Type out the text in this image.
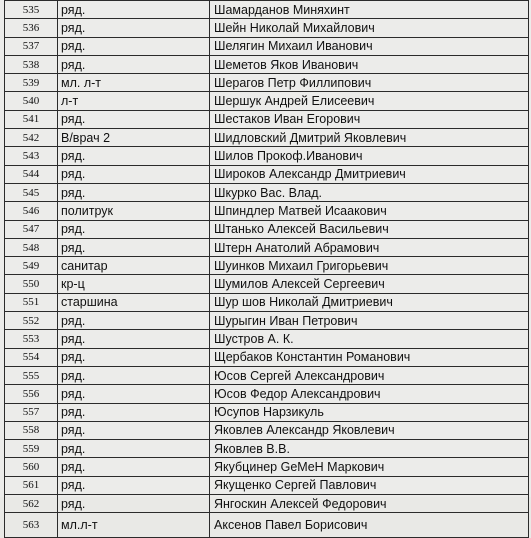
535	ряд.	Шамарданов Миняхинт
536	ряд.	Шейн Николай Михайлович
537	ряд.	Шелягин Михаил Иванович
538	ряд.	Шеметов Яков Иванович
539	мл. л-т	Шерагов Петр Филлипович
540	л-т	Шершук Андрей Елисеевич
541	ряд.	Шестаков Иван Егорович
542	В/врач 2	Шидловский Дмитрий Яковлевич
543	ряд.	Шилов Прокоф.Иванович
544	ряд.	Широков Александр Дмитриевич
545	ряд.	Шкурко Вас. Влад.
546	политрук	Шпиндлер Матвей Исаакович
547	ряд.	Штанько Алексей Васильевич
548	ряд.	Штерн Анатолий Абрамович
549	санитар	Шуинков Михаил Григорьевич
550	кр-ц	Шумилов Алексей Сергеевич
551	старшина	Шур шов Николай Дмитриевич
552	ряд.	Шурыгин Иван Петрович
553	ряд.	Шустров А. К.
554	ряд.	Щербаков Константин Романович
555	ряд.	Юсов Сергей Александрович
556	ряд.	Юсов Федор Александрович
557	ряд.	Юсупов Нарзикуль
558	ряд.	Яковлев Александр Яковлевич
559	ряд.	Яковлев В.В.
560	ряд.	Якубцинер GeMeH Маркович
561	ряд.	Якущенко Сергей Павлович
562	ряд.	Янгоскин Алексей Федорович
563	мл.л-т	Аксенов Павел Борисович
